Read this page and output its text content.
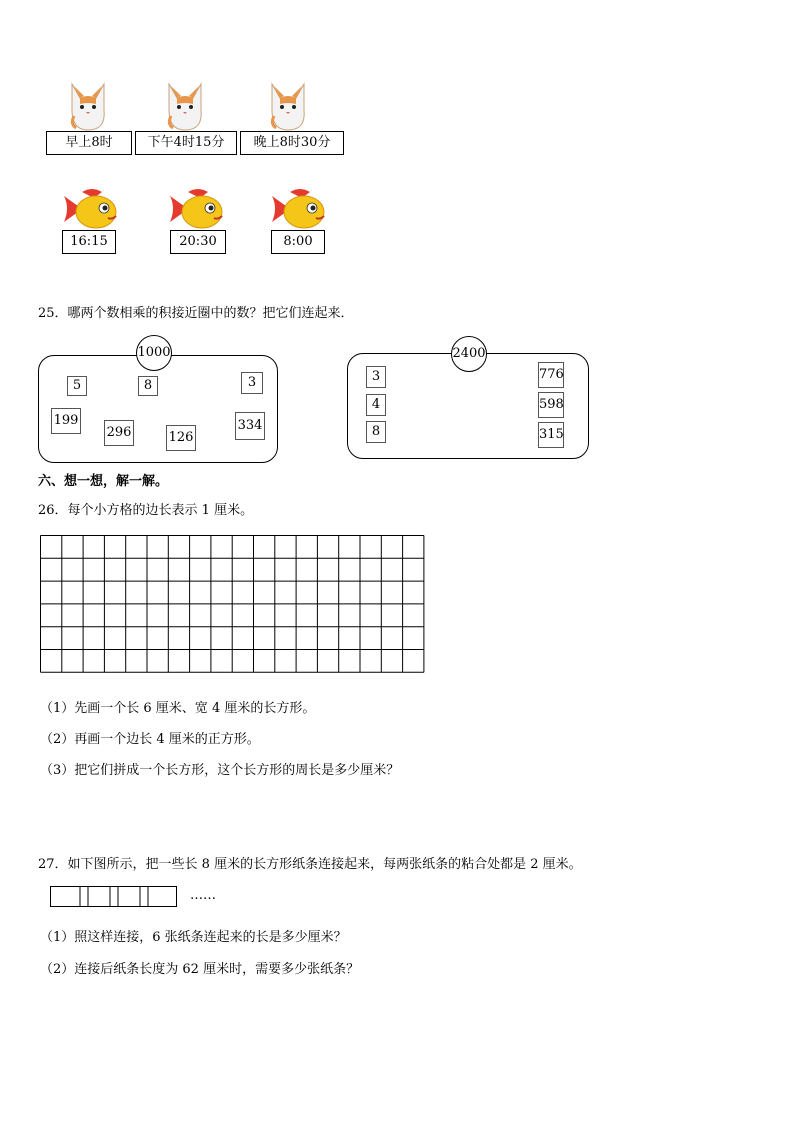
早上8时	下午4时15分	晚上8时30分
16:15	20:30	8:00
25．哪两个数相乘的积接近圈中的数？把它们连起来．
1000
5	8	3
199
296	126
334
2400
3
4
8
776
598
315
六、想一想，解一解。
26．每个小方格的边长表示 1 厘米。
（1）先画一个长 6 厘米、宽 4 厘米的长方形。
（2）再画一个边长 4 厘米的正方形。
（3）把它们拼成一个长方形，这个长方形的周长是多少厘米？
27．如下图所示，把一些长 8 厘米的长方形纸条连接起来，每两张纸条的粘合处都是 2 厘米。
……
（1）照这样连接，6 张纸条连起来的长是多少厘米？
（2）连接后纸条长度为 62 厘米时，需要多少张纸条？
